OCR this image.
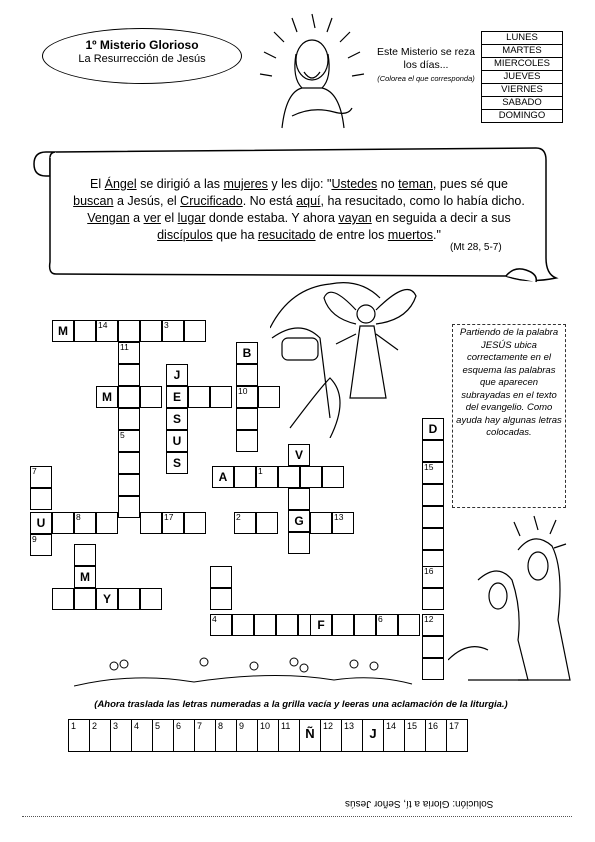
1º Misterio Glorioso
La Resurrección de Jesús
Este Misterio se reza los días...
(Colorea el que corresponda)
LUNES
MARTES
MIERCOLES
JUEVES
VIERNES
SABADO
DOMINGO
El Ángel se dirigió a las mujeres y les dijo: "Ustedes no teman, pues sé que buscan a Jesús, el Crucificado. No está aquí, ha resucitado, como lo había dicho. Vengan a ver el lugar donde estaba. Y ahora vayan en seguida a decir a sus discípulos que ha resucitado de entre los muertos."
(Mt 28, 5-7)
Partiendo de la palabra JESÚS ubica correctamente en el esquema las palabras que aparecen subrayadas en el texto del evangelio. Como ayuda hay algunas letras colocadas.
M	14	3
11
5
B
J
E
S
U
S
M	10
A	1
V
G
U	8	17	2	13
7
9
M
Y
4	F	6	12
D
15
16
(Ahora traslada las letras numeradas a la grilla vacía y leeras una aclamación de la liturgia.)
1	2	3	4	5	6	7	8	9	10	11	Ñ	12	13	J	14	15	16	17
Solución: Gloria a tí, Señor Jesús
